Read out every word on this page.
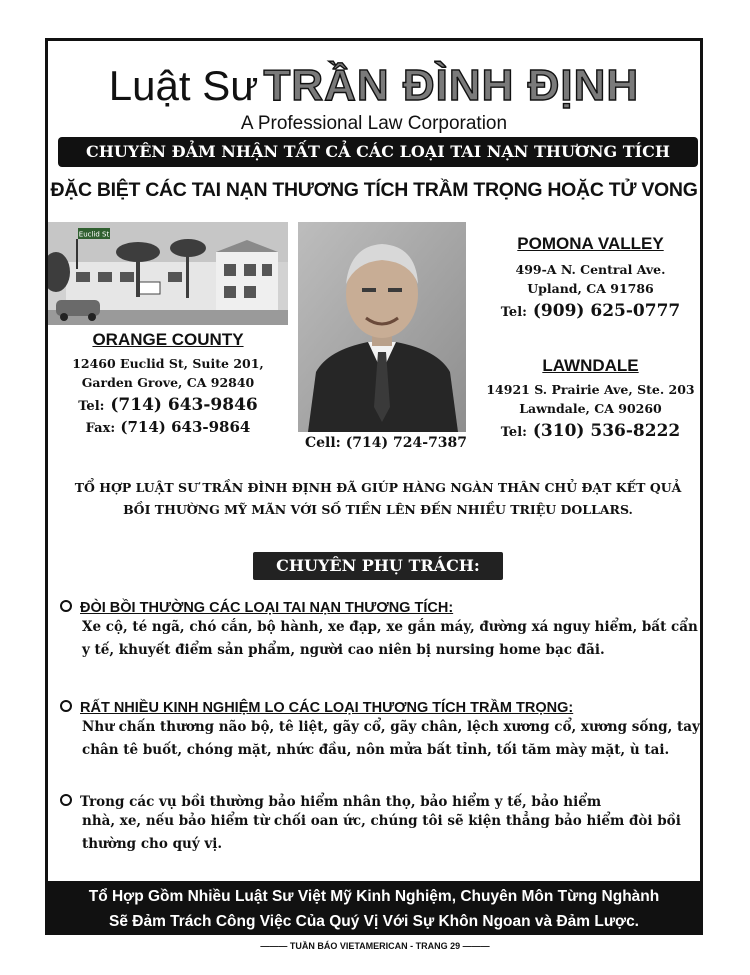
Luật Sư TRẦN ĐÌNH ĐỊNH
A Professional Law Corporation
CHUYÊN ĐẢM NHẬN TẤT CẢ CÁC LOẠI TAI NẠN THƯƠNG TÍCH
ĐẶC BIỆT CÁC TAI NẠN THƯƠNG TÍCH TRẦM TRỌNG HOẶC TỬ VONG
Euclid St	POMONA VALLEY
499-A N. Central Ave.
Upland, CA 91786
Tel: (909) 625-0777
LAWNDALE
14921 S. Prairie Ave, Ste. 203
Lawndale, CA 90260
Tel: (310) 536-8222
ORANGE COUNTY
12460 Euclid St, Suite 201,
Garden Grove, CA 92840
Tel: (714) 643-9846
Fax: (714) 643-9864
Cell: (714) 724-7387
TỔ HỢP LUẬT SƯ TRẦN ĐÌNH ĐỊNH ĐÃ GIÚP HÀNG NGÀN THÂN CHỦ ĐẠT KẾT QUẢ
BỒI THƯỜNG MỸ MÃN VỚI SỐ TIỀN LÊN ĐẾN NHIỀU TRIỆU DOLLARS.
CHUYÊN PHỤ TRÁCH:
ĐÒI BỒI THƯỜNG CÁC LOẠI TAI NẠN THƯƠNG TÍCH:
Xe cộ, té ngã, chó cắn, bộ hành, xe đạp, xe gắn máy, đường xá nguy hiểm, bất cẩn y tế, khuyết điểm sản phẩm, người cao niên bị nursing home bạc đãi.
RẤT NHIỀU KINH NGHIỆM LO CÁC LOẠI THƯƠNG TÍCH TRẦM TRỌNG:
Như chấn thương não bộ, tê liệt, gãy cổ, gãy chân, lệch xương cổ, xương sống, tay chân tê buốt, chóng mặt, nhức đầu, nôn mửa bất tỉnh, tối tăm mày mặt, ù tai.
Trong các vụ bồi thường bảo hiểm nhân thọ, bảo hiểm y tế, bảo hiểm
nhà, xe, nếu bảo hiểm từ chối oan ức, chúng tôi sẽ kiện thẳng bảo hiểm đòi bồi thường cho quý vị.
Tổ Hợp Gồm Nhiều Luật Sư Việt Mỹ Kinh Nghiệm, Chuyên Môn Từng Nghành
Sẽ Đảm Trách Công Việc Của Quý Vị Với Sự Khôn Ngoan và Đảm Lược.
——— TUẦN BÁO VIETAMERICAN - TRANG 29 ———
